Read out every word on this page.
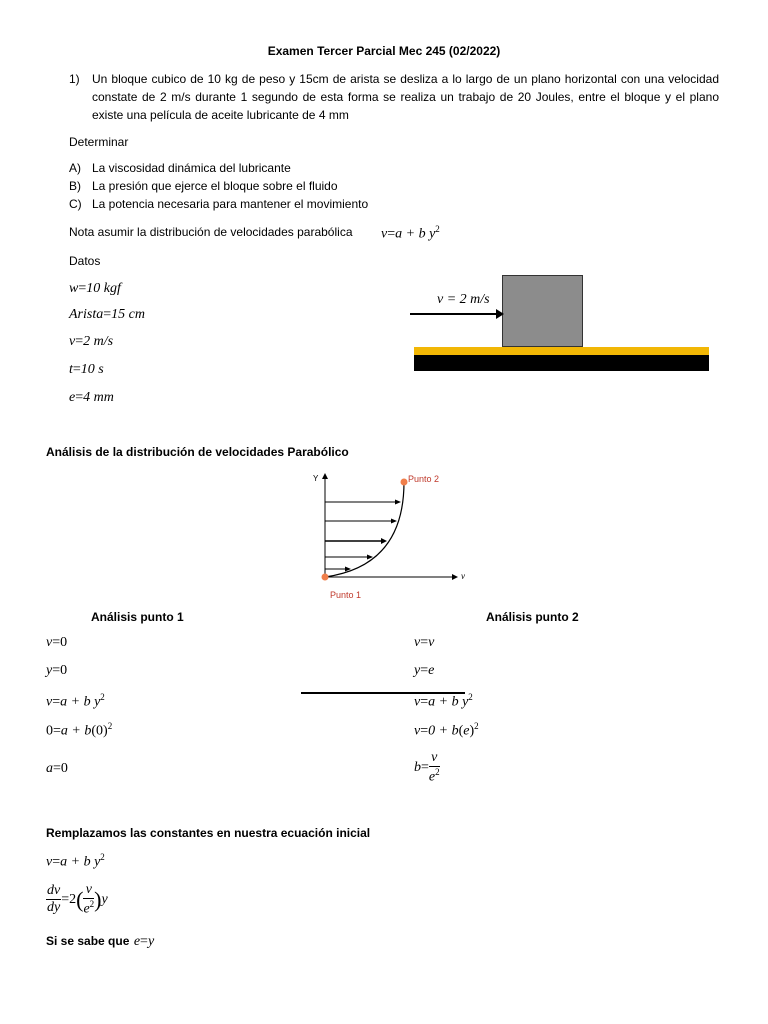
Examen Tercer Parcial Mec 245 (02/2022)
1) Un bloque cubico de 10 kg de peso y 15cm de arista se desliza a lo largo de un plano horizontal con una velocidad constate de 2 m/s durante 1 segundo de esta forma se realiza un trabajo de 20 Joules, entre el bloque y el plano existe una película de aceite lubricante de 4 mm
Determinar
A) La viscosidad dinámica del lubricante
B) La presión que ejerce el bloque sobre el fluido
C) La potencia necesaria para mantener el movimiento
Nota asumir la distribución de velocidades parabólica v=a + b $y^2$
Datos
w=10 kgf
Arista=15 cm
v=2 m/s
t=10 s
e=4 mm
v = 2 m/s
Análisis de la distribución de velocidades Parabólico
Y
v
Punto 2
Punto 1
Análisis punto 1
v=0
y=0
v=a + b $y^2$
$0=a + b(0)^2$
a=0
Análisis punto 2
v=v
y=e
v=a + b $y^2$
$v=0 + b(e)^2$
$b= \frac{v}{e^2}$
Remplazamos las constantes en nuestra ecuación inicial
v=a + b $y^2$
$\frac{dv}{dy} =2( \frac{v}{e^2} )y$
Si se sabe que e=y
